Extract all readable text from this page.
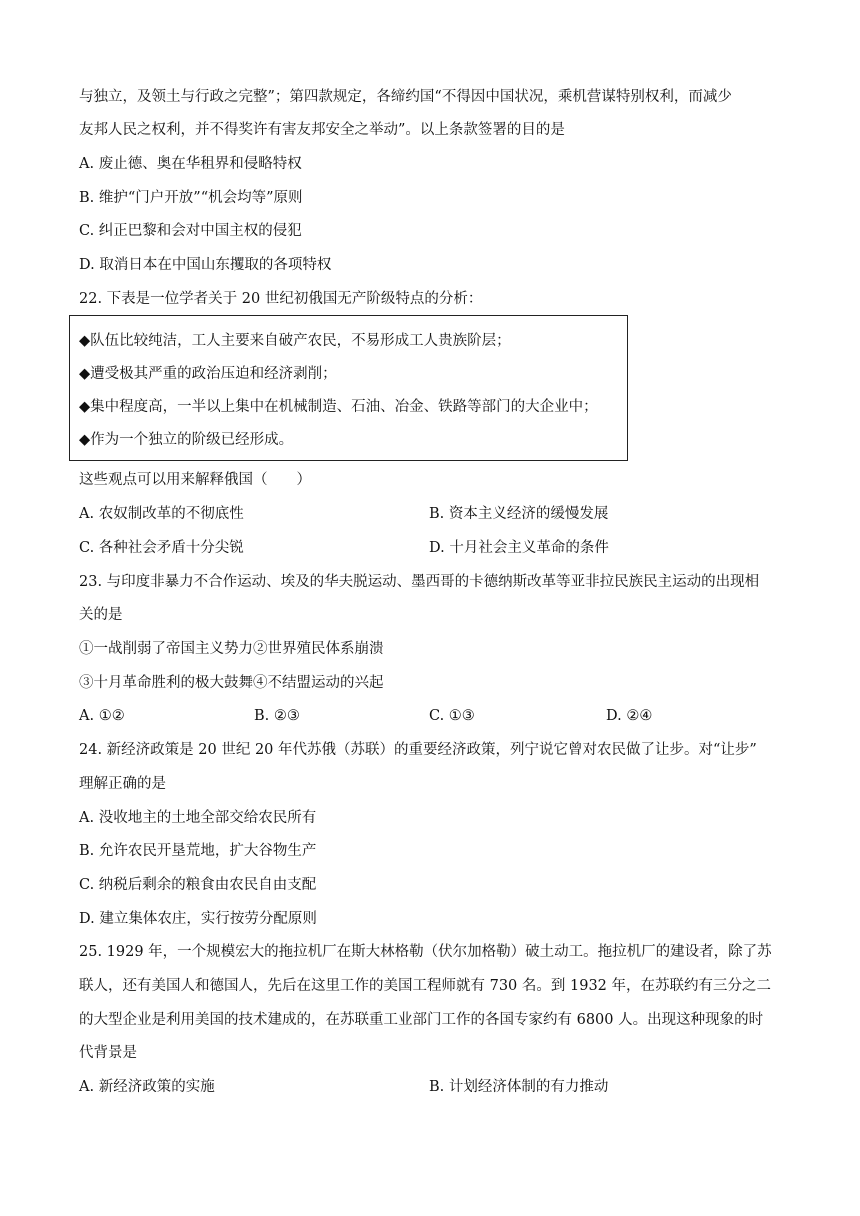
与独立，及领土与行政之完整”；第四款规定，各缔约国“不得因中国状况，乘机营谋特别权利，而减少
友邦人民之权利，并不得奖许有害友邦安全之举动”。以上条款签署的目的是
A. 废止德、奥在华租界和侵略特权
B. 维护“门户开放”“机会均等”原则
C. 纠正巴黎和会对中国主权的侵犯
D. 取消日本在中国山东攫取的各项特权
22. 下表是一位学者关于 20 世纪初俄国无产阶级特点的分析：
◆队伍比较纯洁，工人主要来自破产农民，不易形成工人贵族阶层；
◆遭受极其严重的政治压迫和经济剥削；
◆集中程度高，一半以上集中在机械制造、石油、冶金、铁路等部门的大企业中；
◆作为一个独立的阶级已经形成。
这些观点可以用来解释俄国（　　）
A. 农奴制改革的不彻底性	B. 资本主义经济的缓慢发展
C. 各种社会矛盾十分尖锐	D. 十月社会主义革命的条件
23. 与印度非暴力不合作运动、埃及的华夫脱运动、墨西哥的卡德纳斯改革等亚非拉民族民主运动的出现相
关的是
①一战削弱了帝国主义势力②世界殖民体系崩溃
③十月革命胜利的极大鼓舞④不结盟运动的兴起
A. ①②	B. ②③	C. ①③	D. ②④
24. 新经济政策是 20 世纪 20 年代苏俄（苏联）的重要经济政策，列宁说它曾对农民做了让步。对“让步”
理解正确的是
A. 没收地主的土地全部交给农民所有
B. 允许农民开垦荒地，扩大谷物生产
C. 纳税后剩余的粮食由农民自由支配
D. 建立集体农庄，实行按劳分配原则
25. 1929 年，一个规模宏大的拖拉机厂在斯大林格勒（伏尔加格勒）破土动工。拖拉机厂的建设者，除了苏
联人，还有美国人和德国人，先后在这里工作的美国工程师就有 730 名。到 1932 年，在苏联约有三分之二
的大型企业是利用美国的技术建成的，在苏联重工业部门工作的各国专家约有 6800 人。出现这种现象的时
代背景是
A. 新经济政策的实施	B. 计划经济体制的有力推动
